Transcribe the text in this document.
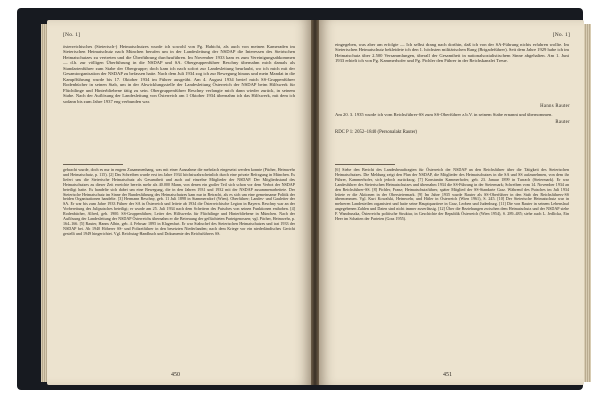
[No. 1]

österreichisches (Steierisch-) Heimatschutzes wurde ich sowohl von Pg. Habicht, als auch von meinen Kameraden im Steierischen Heimatschutz nach München berufen um in der Landesleitung der NSDAP die Interessen des Steirischen Heimatschutzes zu vertreten und die Überführung durchzuführen. Im November 1933 kam es zum Vereinigungsabkommen — d.h. zur völligen Überführung in die NSDAP und SA. Obergruppenführer Reschny übernahm mich damals als Standartenführer zum Stabe der Obergruppe; doch kam ich nach sofort zur Landesleitung beurlaubt, wo ich mich mit der Gesamtorganisation der NSDAP zu befassen hatte. Nach dem Juli 1934 zog ich zur Bewegung hinaus und mein Mandat in die Kampfführung wurde bis 17. Oktober 1934 im Führer ausgeübt. Am 4. August 1934 berief mich SS-Gruppenführer Rodenbücher in seinen Stab, um in der Abwicklungsstelle der Landesleitung Österreich der NSDAP beim Hilfswerk für Flüchtlinge und Hinterbliebene tätig zu sein. Obergruppenführer Reschny verlangte mich dann wieder zurück, in seinem Stabe. Nach der Auflösung der Landesleitung von Österreich am 1 Oktober 1934 übernahm ich das Hilfswerk, mit dem ich sodann bis zum Jahre 1937 eng verbunden war.

gebracht wurde, doch es nur in engem Zusammenhang, was mit einer Ausnahme die mehrfach eingesetzt werden konnte (Pächer, Heimwehr und Heimatschutz, p. 115). [2] Das Schreiben wurde erst im Jahre 1934 höchstwahrscheinlich durch eine private Befragung in München. Es liefert uns die Steierische Heimatschutz als Gesamtheit und auch auf einzelne Mitglieder der NSDAP. Der Mitgliedsstand des Heimatschutzes zu dieser Zeit erreichte bereits mehr als 40.000 Mann, von denen ein großer Teil sich schon vor dem Verbot der NSDAP beteiligt hatte. Es handelte sich dabei um eine Bewegung, die in den Jahren 1931 und 1932 mit der NSDAP zusammenarbeitete. Der Steierische Heimatschutz im Sinne der Bundesführung des Heimatschutzes kam nur in Betracht, als es sich um eine gemeinsame Politik der beiden Organisationen handelte. [3] Hermann Reschny, geb. 11 Juli 1898 in Stammersdorf (Wien). Oberführer; Landes- und Gauleiter der SA. Er war bis zum Jahre 1933 Führer der SA in Österreich und leitete ab 1934 die Österreichische Legion in Bayern. Reschny war an der Vorbereitung des Juliputsches beteiligt; er wurde am 25. Juli 1934 nach dem Scheitern des Putsches von seinen Funktionen enthoben. [4] Rodenbücher, Alfred, geb. 1900. SS-Gruppenführer, Leiter des Hilfswerks für Flüchtlinge und Hinterbliebene in München. Nach der Auflösung der Landesleitung der NSDAP Österreichs übernahm er die Betreuung der geflüchteten Parteigenossen; vgl. Pächer, Heimwehr, p. 164–166. [5] Rauter, Hanns Albin, geb. 4. Februar 1895 in Klagenfurt. Er war Stabschef des Steierischen Heimatschutzes und trat 1933 der NSDAP bei. Ab 1940 Höherer SS- und Polizeiführer in den besetzten Niederlanden; nach dem Kriege vor ein niederländisches Gericht gestellt und 1949 hingerichtet. Vgl. Reichstag-Handbuch und Dokumente des Reichsführers SS.

450
[No. 1]

eingegeben, was aber am erfolgte — Ich selbst drang nach dorthin, daß ich von der SA-Führung nichts erfahren wollte. Im Steierischen Heimatschutz bekleidete ich den 1. höchsten militärischen Rang (Brigadeführer). Seit dem Jahre 1929 habe ich im Heimatschutz über 2.500 Versammlungen, überall der Gesamtheit in nationalsozialistischem Sinne abgehalten. Am 1. Juni 1933 erhielt ich von Pg. Kammerhofer und Pg. Pichler den Führer in der Reichskanzlei Treue.

Hanns Rauter

Am 20. 3. 1935 wurde ich vom Reichsführer-SS zum SS-Oberführer z.b.V. in seinem Stabe ernannt und übernommen.

Rauter
RDC P 1: 2052–1840 (Personalakt Rauter)

[6] Siehe den Bericht des Landesbeauftragten für Österreich der NSDAP an den Reichsführer über die Tätigkeit des Steierischen Heimatschutzes. Die Meldung zeigt den Plan der NSDAP, die Mitglieder des Heimatschutzes in die SA und SS aufzunehmen, von dem ihr Führer, Kammerhofer, sich jedoch zurückzog. [7] Konstantin Kammerhofer, geb. 23. Januar 1899 in Turrach (Steiermark). Er war Landesführer des Steierischen Heimatschutzes und übernahm 1934 die SS-Führung in der Steiermark; Schreiben vom 14. November 1934 an den Reichsführer-SS. [8] Pichler, Franz; Heimatschutzführer, später Mitglied der SS-Standarte Graz. Während des Putsches im Juli 1934 leitete er die Aktionen in der Obersteiermark. [9] Im Jahre 1935 wurde Rauter als SS-Oberführer in den Stab des Reichsführers-SS übernommen. Vgl. Kurt Kowalski, Heimwehr, und Hitler in Österreich (Wien 1961), S. 245. [10] Der Steierische Heimatschutz war in mehreren Landesteilen organisiert und hatte seine Hauptquartiere in Graz, Leoben und Judenburg. [11] Die von Rauter in seinem Lebenslauf angegebenen Zahlen und Daten sind nicht immer zuverlässig. [12] Über die Beziehungen zwischen dem Heimatschutz und der NSDAP siehe F. Wandruszka, Österreichs politische Struktur, in Geschichte der Republik Österreich (Wien 1954), S. 289–485; siehe auch L. Jedlicka, Ein Heer im Schatten der Parteien (Graz 1955).

451
